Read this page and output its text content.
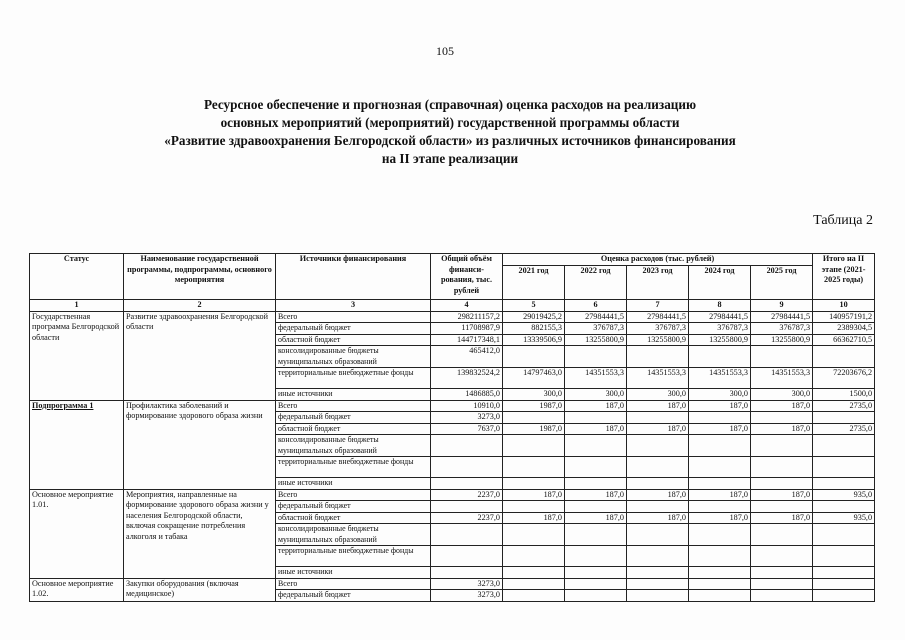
105
Ресурсное обеспечение и прогнозная (справочная) оценка расходов на реализацию
основных мероприятий (мероприятий) государственной программы области
«Развитие здравоохранения Белгородской области» из различных источников финансирования
на II этапе реализации
Таблица 2
Статус	Наименование государственной программы, подпрограммы, основного мероприятия	Источники финансирования	Общий объём финанси-рования, тыс. рублей	Оценка расходов (тыс. рублей)					Итого на II этапе (2021-2025 годы)
				2021 год	2022 год	2023 год	2024 год	2025 год	
1	2	3	4	5	6	7	8	9	10
Государственная программа Белгородской области	Развитие здравоохранения Белгородской области	Всего	298211157,2	29019425,2	27984441,5	27984441,5	27984441,5	27984441,5	140957191,2
		федеральный бюджет	11708987,9	882155,3	376787,3	376787,3	376787,3	376787,3	2389304,5
		областной бюджет	144717348,1	13339506,9	13255800,9	13255800,9	13255800,9	13255800,9	66362710,5
		консолидированные бюджеты муниципальных образований	465412,0						
		территориальные внебюджетные фонды	139832524,2	14797463,0	14351553,3	14351553,3	14351553,3	14351553,3	72203676,2
		иные источники	1486885,0	300,0	300,0	300,0	300,0	300,0	1500,0
Подпрограмма 1	Профилактика заболеваний и формирование здорового образа жизни	Всего	10910,0	1987,0	187,0	187,0	187,0	187,0	2735,0
		федеральный бюджет	3273,0						
		областной бюджет	7637,0	1987,0	187,0	187,0	187,0	187,0	2735,0
		консолидированные бюджеты муниципальных образований							
		территориальные внебюджетные фонды							
		иные источники							
Основное мероприятие 1.01.	Мероприятия, направленные на формирование здорового образа жизни у населения Белгородской области, включая сокращение потребления алкоголя и табака	Всего	2237,0	187,0	187,0	187,0	187,0	187,0	935,0
		федеральный бюджет							
		областной бюджет	2237,0	187,0	187,0	187,0	187,0	187,0	935,0
		консолидированные бюджеты муниципальных образований							
		территориальные внебюджетные фонды							
		иные источники							
Основное мероприятие 1.02.	Закупки оборудования (включая медицинское)	Всего	3273,0						
		федеральный бюджет	3273,0						
